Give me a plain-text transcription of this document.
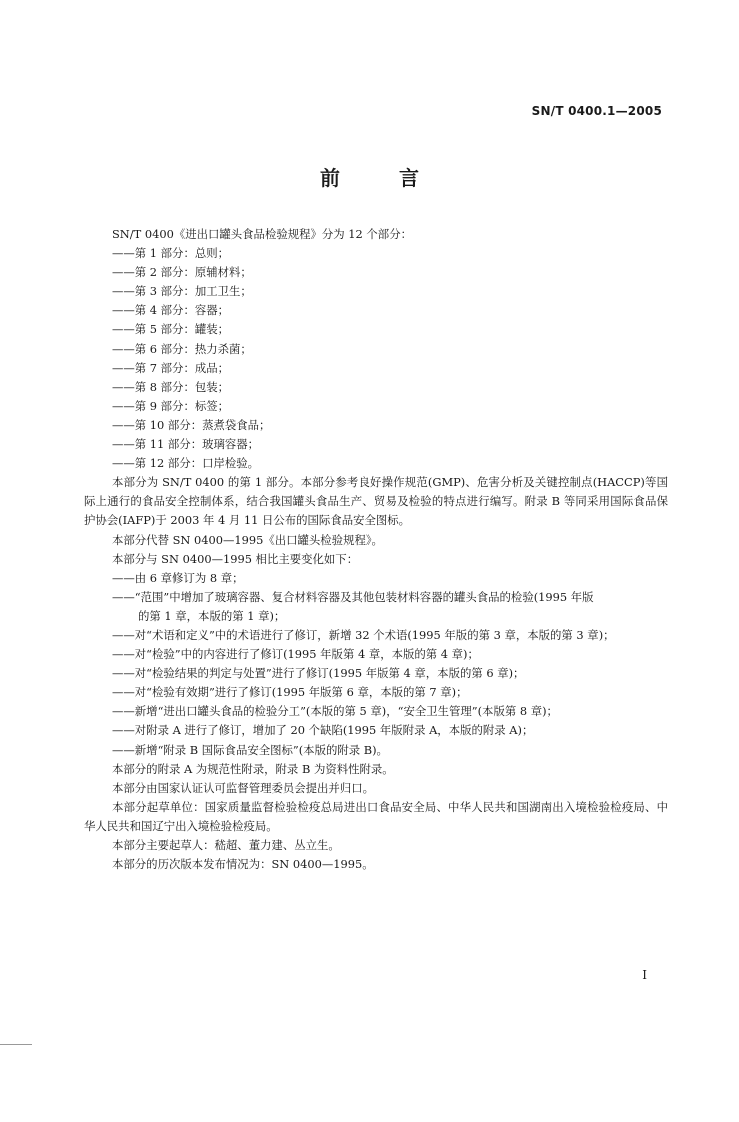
SN/T 0400.1—2005
前 言

SN/T 0400《进出口罐头食品检验规程》分为 12 个部分：

——第 1 部分：总则；

——第 2 部分：原辅材料；

——第 3 部分：加工卫生；

——第 4 部分：容器；

——第 5 部分：罐装；

——第 6 部分：热力杀菌；

——第 7 部分：成品；

——第 8 部分：包装；

——第 9 部分：标签；

——第 10 部分：蒸煮袋食品；

——第 11 部分：玻璃容器；

——第 12 部分：口岸检验。

本部分为 SN/T 0400 的第 1 部分。本部分参考良好操作规范(GMP)、危害分析及关键控制点(HACCP)等国际上通行的食品安全控制体系，结合我国罐头食品生产、贸易及检验的特点进行编写。附录 B 等同采用国际食品保护协会(IAFP)于 2003 年 4 月 11 日公布的国际食品安全图标。

本部分代替 SN 0400—1995《出口罐头检验规程》。

本部分与 SN 0400—1995 相比主要变化如下：

——由 6 章修订为 8 章；

——“范围”中增加了玻璃容器、复合材料容器及其他包装材料容器的罐头食品的检验(1995 年版

的第 1 章，本版的第 1 章)；

——对“术语和定义”中的术语进行了修订，新增 32 个术语(1995 年版的第 3 章，本版的第 3 章)；

——对“检验”中的内容进行了修订(1995 年版第 4 章，本版的第 4 章)；

——对“检验结果的判定与处置”进行了修订(1995 年版第 4 章，本版的第 6 章)；

——对“检验有效期”进行了修订(1995 年版第 6 章，本版的第 7 章)；

——新增“进出口罐头食品的检验分工”(本版的第 5 章)，“安全卫生管理”(本版第 8 章)；

——对附录 A 进行了修订，增加了 20 个缺陷(1995 年版附录 A，本版的附录 A)；

——新增“附录 B 国际食品安全图标”(本版的附录 B)。

本部分的附录 A 为规范性附录，附录 B 为资料性附录。

本部分由国家认证认可监督管理委员会提出并归口。

本部分起草单位：国家质量监督检验检疫总局进出口食品安全局、中华人民共和国湖南出入境检验检疫局、中华人民共和国辽宁出入境检验检疫局。

本部分主要起草人：嵇超、董力建、丛立生。

本部分的历次版本发布情况为：SN 0400—1995。

I
